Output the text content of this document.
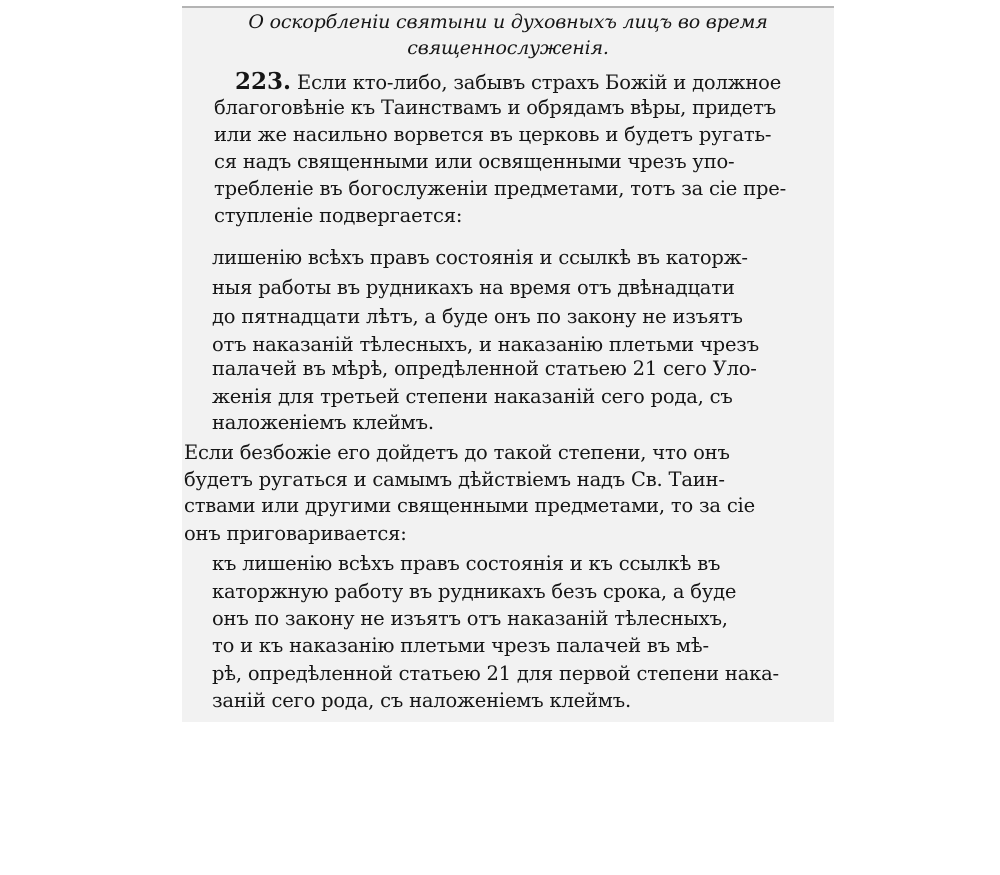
О оскорбленіи святыни и духовныхъ лицъ во время
священнослуженія.
223. Если кто-либо, забывъ страхъ Божій и должное
благоговѣніе къ Таинствамъ и обрядамъ вѣры, придетъ
или же насильно ворвется въ церковь и будетъ ругать-
ся надъ священными или освященными чрезъ упо-
требленіе въ богослуженіи предметами, тотъ за сіе пре-
ступленіе подвергается:
лишенію всѣхъ правъ состоянія и ссылкѣ въ каторж-
ныя работы въ рудникахъ на время отъ двѣнадцати
до пятнадцати лѣтъ, а буде онъ по закону не изъятъ
отъ наказаній тѣлесныхъ, и наказанію плетьми чрезъ
палачей въ мѣрѣ, опредѣленной статьею 21 сего Уло-
женія для третьей степени наказаній сего рода, съ
наложеніемъ клеймъ.
Если безбожіе его дойдетъ до такой степени, что онъ
будетъ ругаться и самымъ дѣйствіемъ надъ Св. Таин-
ствами или другими священными предметами, то за сіе
онъ приговаривается:
къ лишенію всѣхъ правъ состоянія и къ ссылкѣ въ
каторжную работу въ рудникахъ безъ срока, а буде
онъ по закону не изъятъ отъ наказаній тѣлесныхъ,
то и къ наказанію плетьми чрезъ палачей въ мѣ-
рѣ, опредѣленной статьею 21 для первой степени нака-
заній сего рода, съ наложеніемъ клеймъ.
